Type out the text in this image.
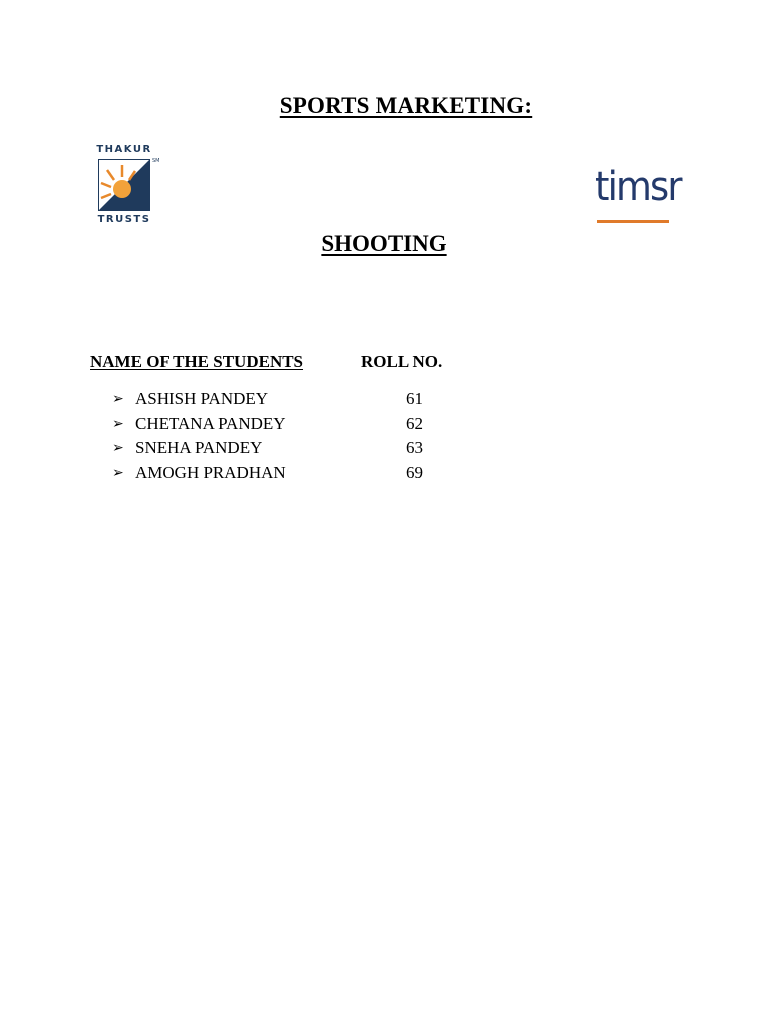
SPORTS MARKETING:
THAKUR
SM
TRUSTS
timsr
SHOOTING
NAME OF THE STUDENTS	ROLL NO.
➢ ASHISH PANDEY	61
➢ CHETANA PANDEY	62
➢ SNEHA PANDEY	63
➢ AMOGH PRADHAN	69
